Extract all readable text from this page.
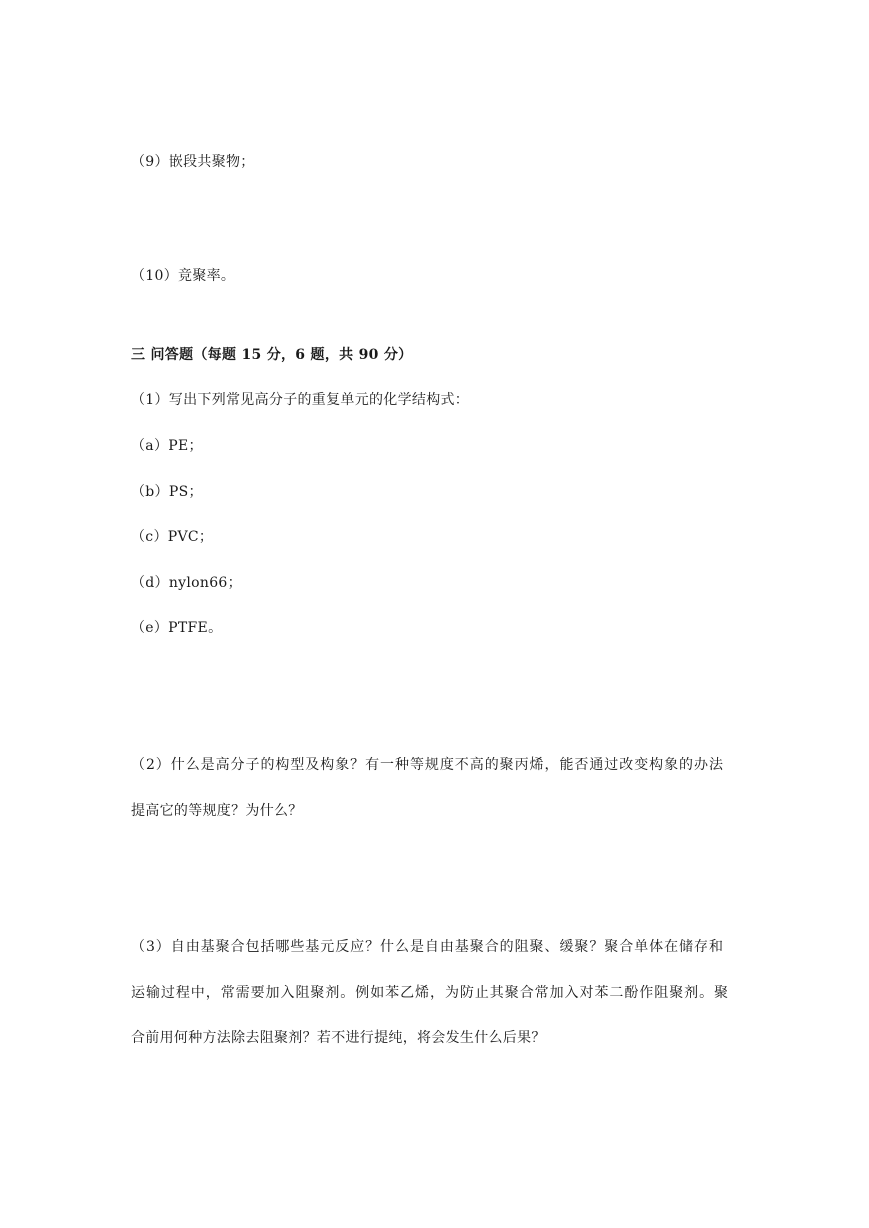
（9）嵌段共聚物；

（10）竞聚率。

三 问答题（每题 15 分，6 题，共 90 分）

（1）写出下列常见高分子的重复单元的化学结构式：

（a）PE；

（b）PS；

（c）PVC；

（d）nylon66；

（e）PTFE。

（2）什么是高分子的构型及构象？有一种等规度不高的聚丙烯，能否通过改变构象的办法

提高它的等规度？为什么？

（3）自由基聚合包括哪些基元反应？什么是自由基聚合的阻聚、缓聚？聚合单体在储存和

运输过程中，常需要加入阻聚剂。例如苯乙烯，为防止其聚合常加入对苯二酚作阻聚剂。聚

合前用何种方法除去阻聚剂？若不进行提纯，将会发生什么后果？
